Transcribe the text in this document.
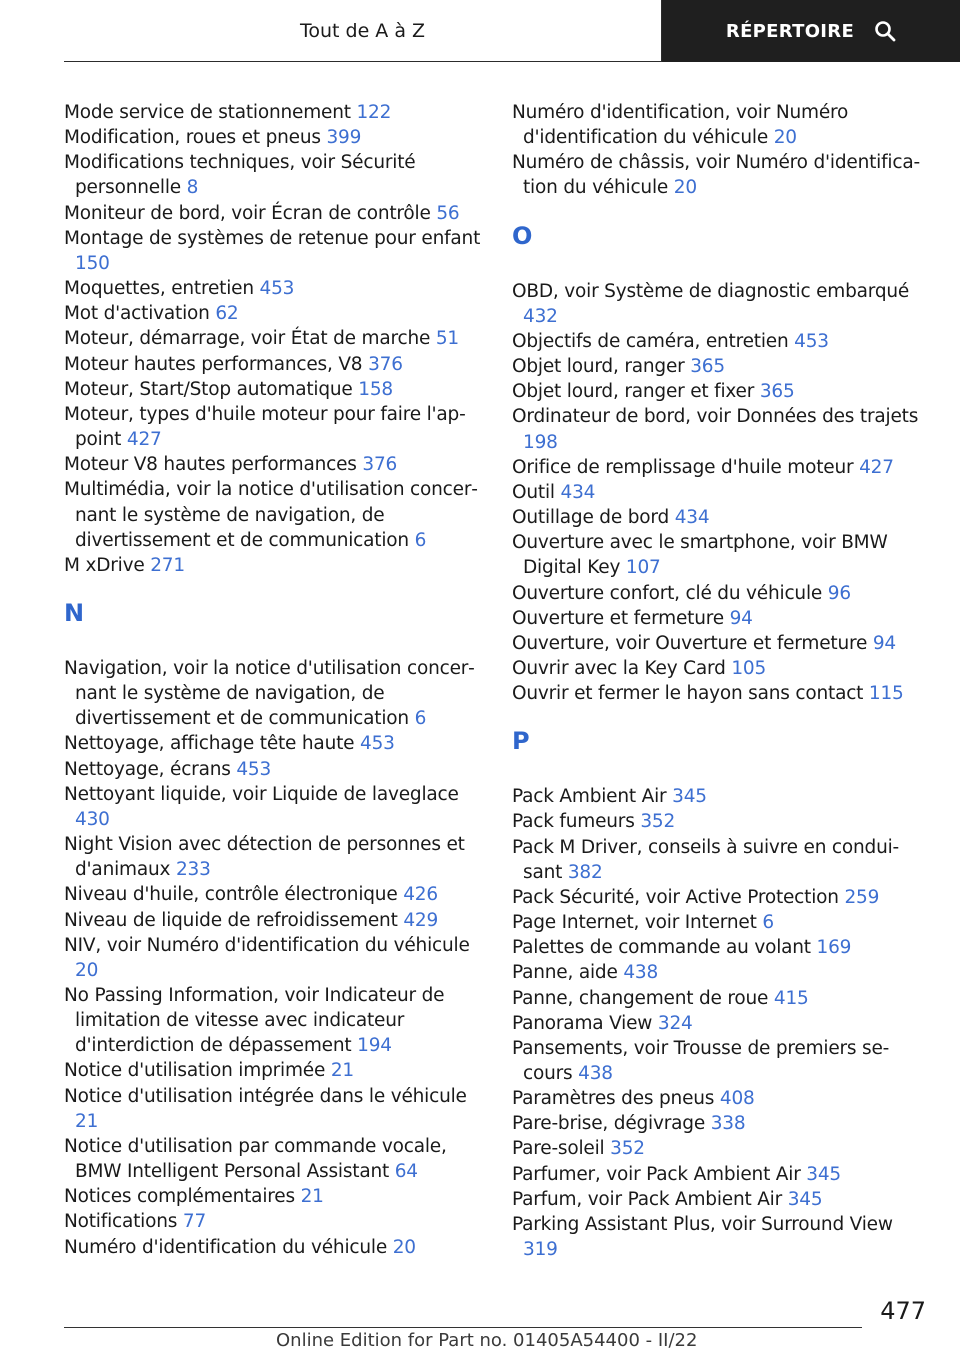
Tout de A à Z	RÉPERTOIRE
Mode service de stationnement 122
Modification, roues et pneus 399
Modifications techniques, voir Sécurité personnelle 8
Moniteur de bord, voir Écran de contrôle 56
Montage de systèmes de retenue pour enfant 150
Moquettes, entretien 453
Mot d'activation 62
Moteur, démarrage, voir État de marche 51
Moteur hautes performances, V8 376
Moteur, Start/Stop automatique 158
Moteur, types d'huile moteur pour faire l'appoint 427
Moteur V8 hautes performances 376
Multimédia, voir la notice d'utilisation concernant le système de navigation, de divertissement et de communication 6
M xDrive 271
N
Navigation, voir la notice d'utilisation concernant le système de navigation, de divertissement et de communication 6
Nettoyage, affichage tête haute 453
Nettoyage, écrans 453
Nettoyant liquide, voir Liquide de laveglace 430
Night Vision avec détection de personnes et d'animaux 233
Niveau d'huile, contrôle électronique 426
Niveau de liquide de refroidissement 429
NIV, voir Numéro d'identification du véhicule 20
No Passing Information, voir Indicateur de limitation de vitesse avec indicateur d'interdiction de dépassement 194
Notice d'utilisation imprimée 21
Notice d'utilisation intégrée dans le véhicule 21
Notice d'utilisation par commande vocale, BMW Intelligent Personal Assistant 64
Notices complémentaires 21
Notifications 77
Numéro d'identification du véhicule 20
Numéro d'identification, voir Numéro d'identification du véhicule 20
Numéro de châssis, voir Numéro d'identification du véhicule 20
O
OBD, voir Système de diagnostic embarqué 432
Objectifs de caméra, entretien 453
Objet lourd, ranger 365
Objet lourd, ranger et fixer 365
Ordinateur de bord, voir Données des trajets 198
Orifice de remplissage d'huile moteur 427
Outil 434
Outillage de bord 434
Ouverture avec le smartphone, voir BMW Digital Key 107
Ouverture confort, clé du véhicule 96
Ouverture et fermeture 94
Ouverture, voir Ouverture et fermeture 94
Ouvrir avec la Key Card 105
Ouvrir et fermer le hayon sans contact 115
P
Pack Ambient Air 345
Pack fumeurs 352
Pack M Driver, conseils à suivre en conduisant 382
Pack Sécurité, voir Active Protection 259
Page Internet, voir Internet 6
Palettes de commande au volant 169
Panne, aide 438
Panne, changement de roue 415
Panorama View 324
Pansements, voir Trousse de premiers secours 438
Paramètres des pneus 408
Pare-brise, dégivrage 338
Pare-soleil 352
Parfumer, voir Pack Ambient Air 345
Parfum, voir Pack Ambient Air 345
Parking Assistant Plus, voir Surround View 319
477
Online Edition for Part no. 01405A54400 - II/22
